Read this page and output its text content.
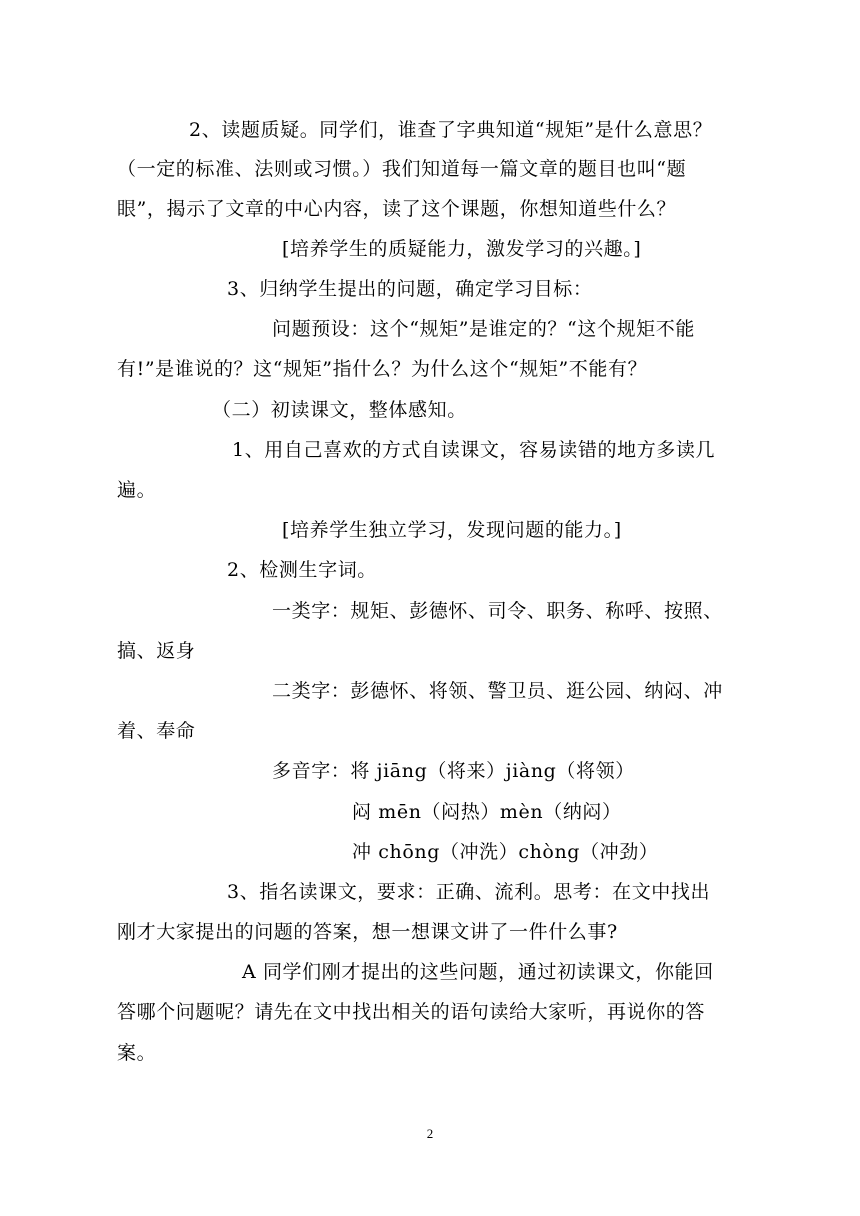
2、读题质疑。同学们，谁查了字典知道“规矩”是什么意思？
（一定的标准、法则或习惯。）我们知道每一篇文章的题目也叫“题
眼”，揭示了文章的中心内容，读了这个课题，你想知道些什么？
[培养学生的质疑能力，激发学习的兴趣。]
3、归纳学生提出的问题，确定学习目标：
问题预设：这个“规矩”是谁定的？“这个规矩不能
有!”是谁说的？这“规矩”指什么？为什么这个“规矩”不能有？
（二）初读课文，整体感知。
1、用自己喜欢的方式自读课文，容易读错的地方多读几
遍。
[培养学生独立学习，发现问题的能力。]
2、检测生字词。
一类字：规矩、彭德怀、司令、职务、称呼、按照、
搞、返身
二类字：彭德怀、将领、警卫员、逛公园、纳闷、冲
着、奉命
多音字：将 jiāng（将来）jiàng（将领）
闷 mēn（闷热）mèn（纳闷）
冲 chōng（冲洗）chòng（冲劲）
3、指名读课文，要求：正确、流利。思考：在文中找出
刚才大家提出的问题的答案，想一想课文讲了一件什么事?
A 同学们刚才提出的这些问题，通过初读课文，你能回
答哪个问题呢？请先在文中找出相关的语句读给大家听，再说你的答
案。
2
